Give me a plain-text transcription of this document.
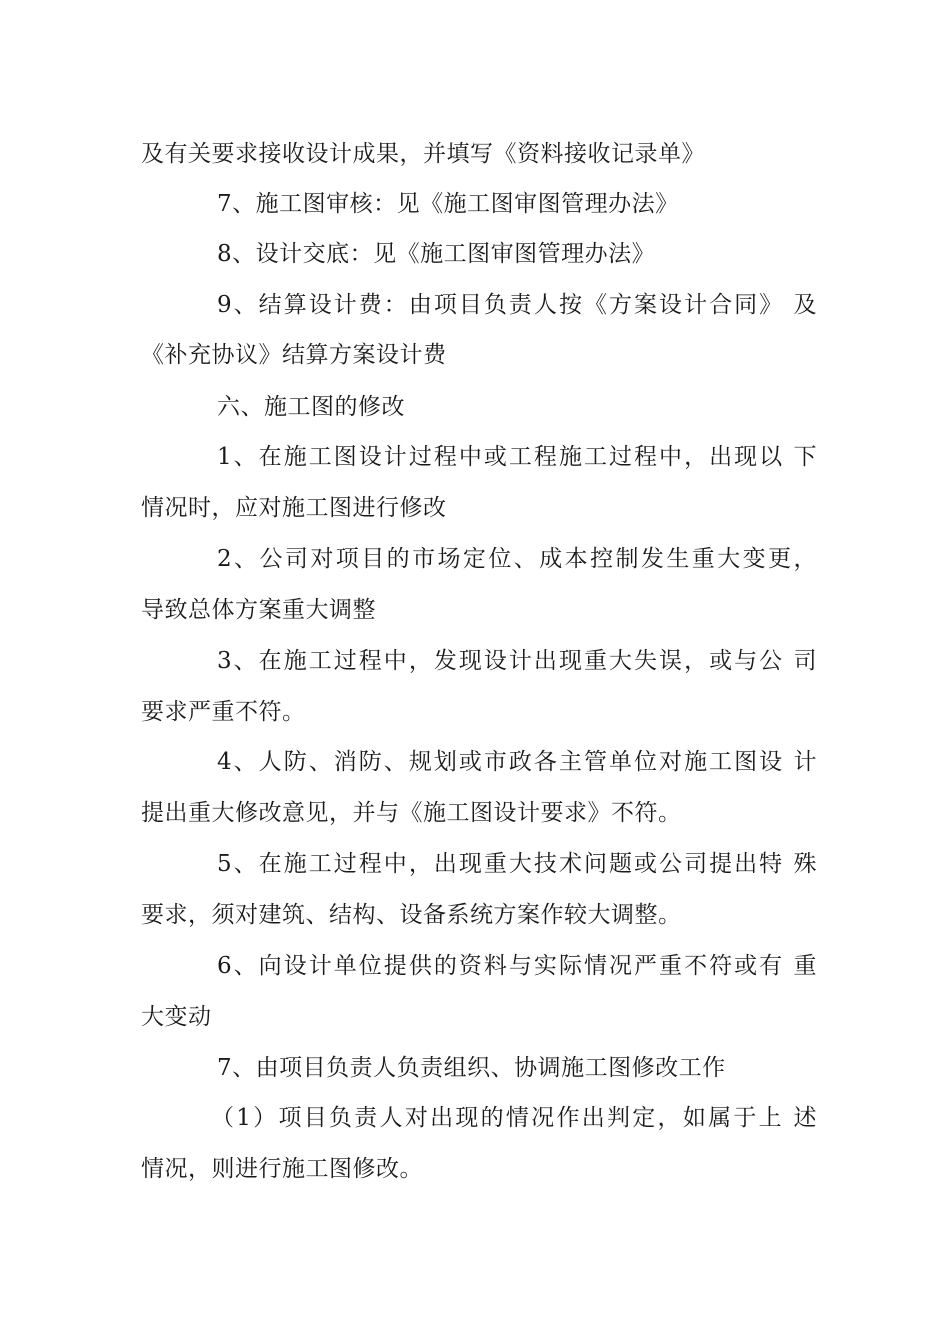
及有关要求接收设计成果，并填写《资料接收记录单》
7、施工图审核：见《施工图审图管理办法》
8、设计交底：见《施工图审图管理办法》
9、结算设计费：由项目负责人按《方案设计合同》 及
《补充协议》结算方案设计费
六、施工图的修改
1、在施工图设计过程中或工程施工过程中，出现以 下
情况时，应对施工图进行修改
2、公司对项目的市场定位、成本控制发生重大变更，
导致总体方案重大调整
3、在施工过程中，发现设计出现重大失误，或与公 司
要求严重不符。
4、人防、消防、规划或市政各主管单位对施工图设 计
提出重大修改意见，并与《施工图设计要求》不符。
5、在施工过程中，出现重大技术问题或公司提出特 殊
要求，须对建筑、结构、设备系统方案作较大调整。
6、向设计单位提供的资料与实际情况严重不符或有 重
大变动
7、由项目负责人负责组织、协调施工图修改工作
（1）项目负责人对出现的情况作出判定，如属于上 述
情况，则进行施工图修改。
